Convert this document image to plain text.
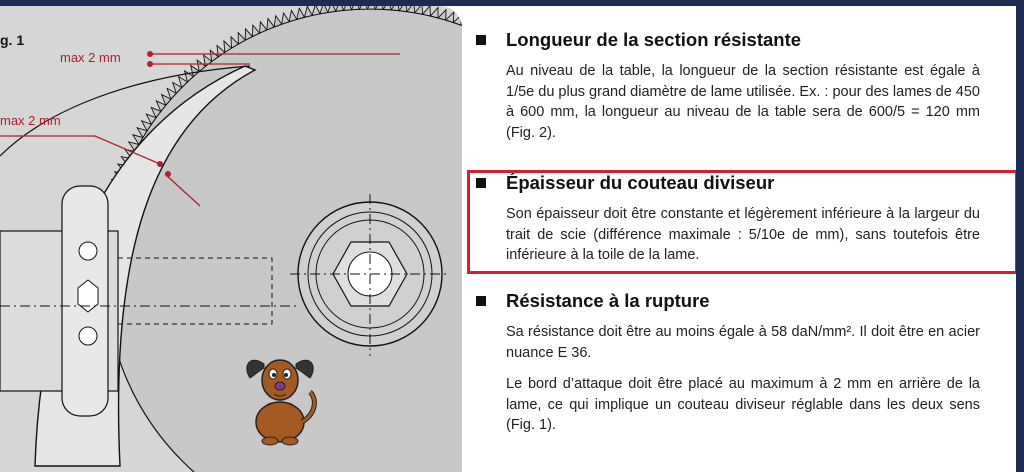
g. 1
max 2 mm
max 2 mm
Longueur de la section résistante
Au niveau de la table, la longueur de la section résistante est égale à 1/5e du plus grand diamètre de lame utilisée. Ex. : pour des lames de 450 à 600 mm, la longueur au niveau de la table sera de 600/5 = 120 mm (Fig. 2).
Épaisseur du couteau diviseur
Son épaisseur doit être constante et légèrement inférieure à la largeur du trait de scie (différence maximale : 5/10e de mm), sans toutefois être inférieure à la toile de la lame.
Résistance à la rupture
Sa résistance doit être au moins égale à 58 daN/mm². Il doit être en acier nuance E 36.
Le bord d’attaque doit être placé au maximum à 2 mm en arrière de la lame, ce qui implique un couteau diviseur réglable dans les deux sens (Fig. 1).
